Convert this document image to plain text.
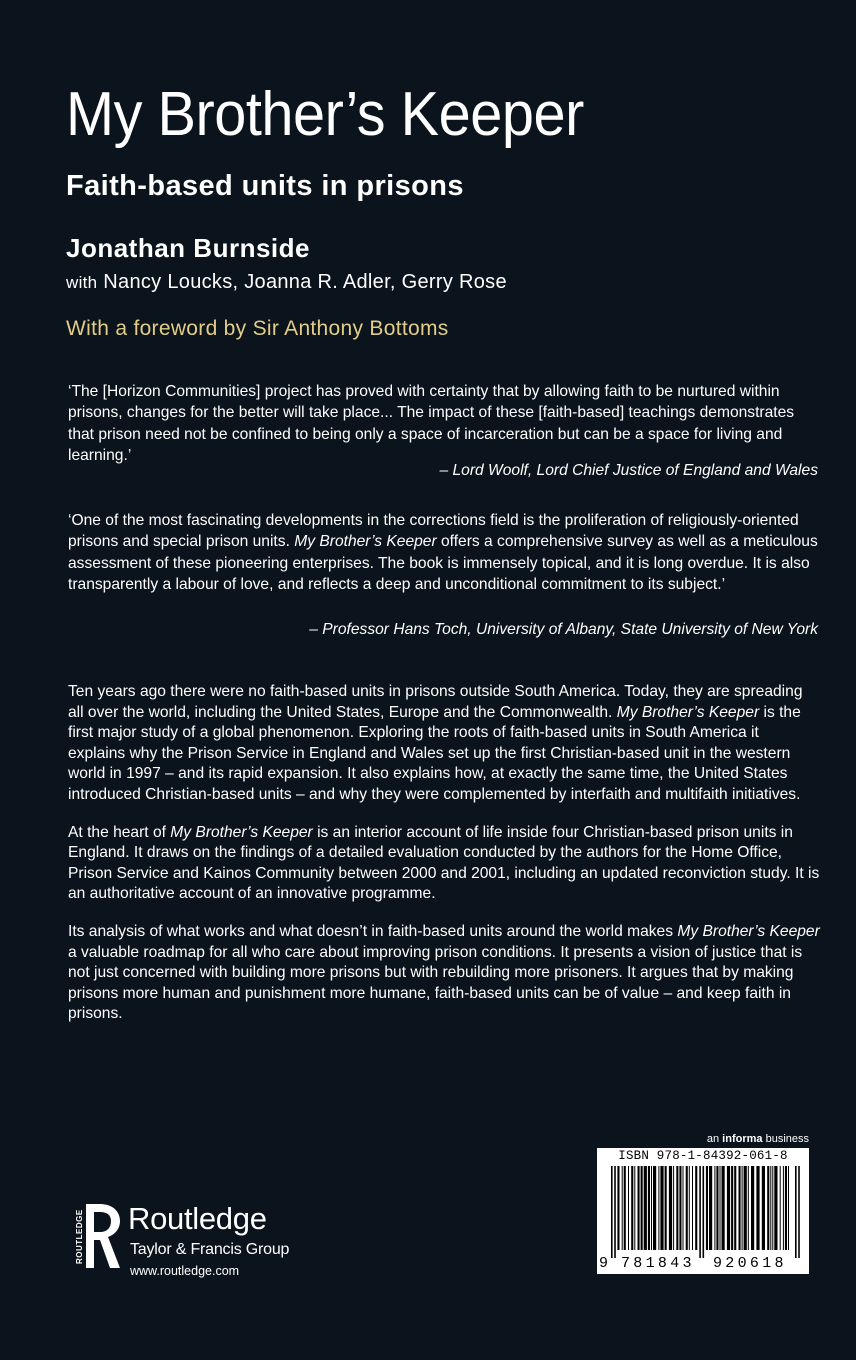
My Brother’s Keeper
Faith-based units in prisons
Jonathan Burnside
with Nancy Loucks, Joanna R. Adler, Gerry Rose
With a foreword by Sir Anthony Bottoms

‘The [Horizon Communities] project has proved with certainty that by allowing faith to be nurtured within prisons, changes for the better will take place... The impact of these [faith-based] teachings demonstrates that prison need not be confined to being only a space of incarceration but can be a space for living and learning.’

– Lord Woolf, Lord Chief Justice of England and Wales

‘One of the most fascinating developments in the corrections field is the proliferation of religiously-oriented prisons and special prison units. My Brother’s Keeper offers a comprehensive survey as well as a meticulous assessment of these pioneering enterprises. The book is immensely topical, and it is long overdue. It is also transparently a labour of love, and reflects a deep and unconditional commitment to its subject.’

– Professor Hans Toch, University of Albany, State University of New York

Ten years ago there were no faith-based units in prisons outside South America. Today, they are spreading all over the world, including the United States, Europe and the Commonwealth. My Brother’s Keeper is the first major study of a global phenomenon. Exploring the roots of faith-based units in South America it explains why the Prison Service in England and Wales set up the first Christian-based unit in the western world in 1997 – and its rapid expansion. It also explains how, at exactly the same time, the United States introduced Christian-based units – and why they were complemented by interfaith and multifaith initiatives.

At the heart of My Brother’s Keeper is an interior account of life inside four Christian-based prison units in England. It draws on the findings of a detailed evaluation conducted by the authors for the Home Office, Prison Service and Kainos Community between 2000 and 2001, including an updated reconviction study. It is an authoritative account of an innovative programme.

Its analysis of what works and what doesn’t in faith-based units around the world makes My Brother’s Keeper a valuable roadmap for all who care about improving prison conditions. It presents a vision of justice that is not just concerned with building more prisons but with rebuilding more prisoners. It argues that by making prisons more human and punishment more humane, faith-based units can be of value – and keep faith in prisons.

an informa business
ISBN 978-1-84392-061-8
9 781843 920618
ROUTLEDGE Routledge
Taylor & Francis Group
www.routledge.com
